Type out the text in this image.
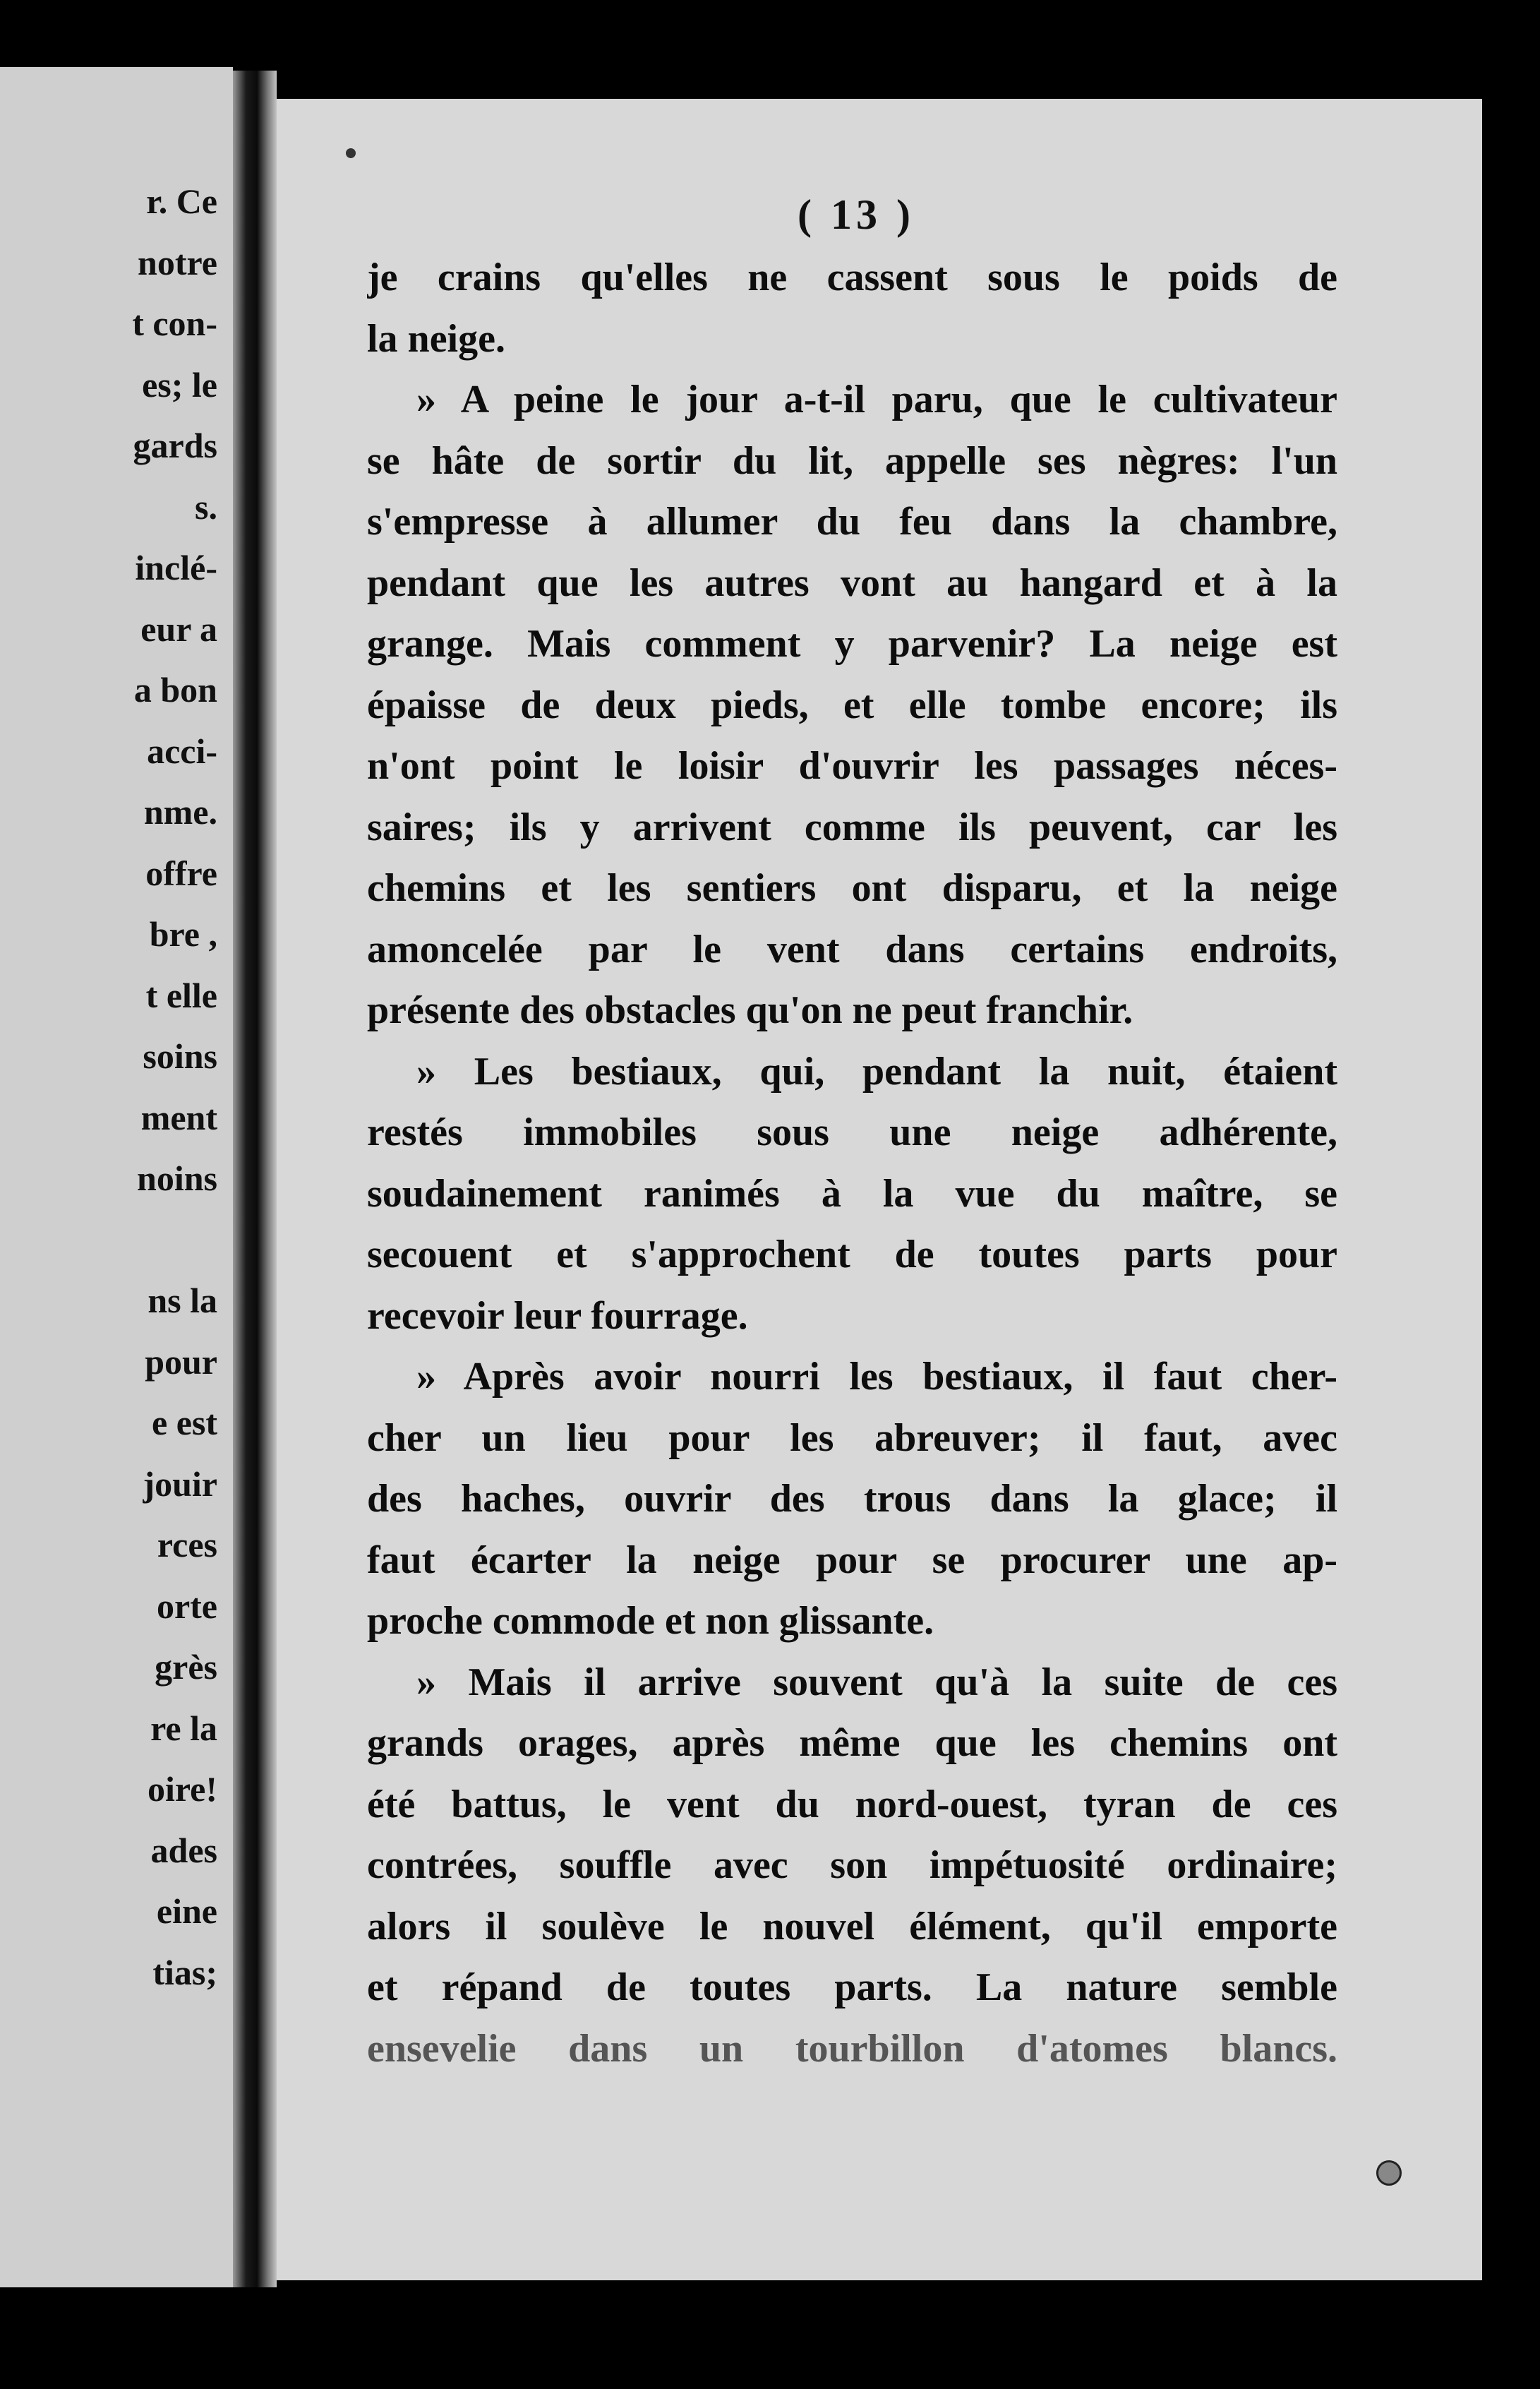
r. Ce
notre
t con-
es; le
gards
s.
inclé-
eur a
a bon
acci-
nme.
offre
bre ,
t elle
soins
ment
noins
ns la
pour
e est
jouir
rces
orte
grès
re la
oire!
ades
eine
tias;
( 13 )
je crains qu'elles ne cassent sous le poids de
la neige.
» A peine le jour a-t-il paru, que le cultivateur
se hâte de sortir du lit, appelle ses nègres: l'un
s'empresse à allumer du feu dans la chambre,
pendant que les autres vont au hangard et à la
grange. Mais comment y parvenir? La neige est
épaisse de deux pieds, et elle tombe encore; ils
n'ont point le loisir d'ouvrir les passages néces-
saires; ils y arrivent comme ils peuvent, car les
chemins et les sentiers ont disparu, et la neige
amoncelée par le vent dans certains endroits,
présente des obstacles qu'on ne peut franchir.
» Les bestiaux, qui, pendant la nuit, étaient
restés immobiles sous une neige adhérente,
soudainement ranimés à la vue du maître, se
secouent et s'approchent de toutes parts pour
recevoir leur fourrage.
» Après avoir nourri les bestiaux, il faut cher-
cher un lieu pour les abreuver; il faut, avec
des haches, ouvrir des trous dans la glace; il
faut écarter la neige pour se procurer une ap-
proche commode et non glissante.
» Mais il arrive souvent qu'à la suite de ces
grands orages, après même que les chemins ont
été battus, le vent du nord-ouest, tyran de ces
contrées, souffle avec son impétuosité ordinaire;
alors il soulève le nouvel élément, qu'il emporte
et répand de toutes parts. La nature semble
ensevelie dans un tourbillon d'atomes blancs.
